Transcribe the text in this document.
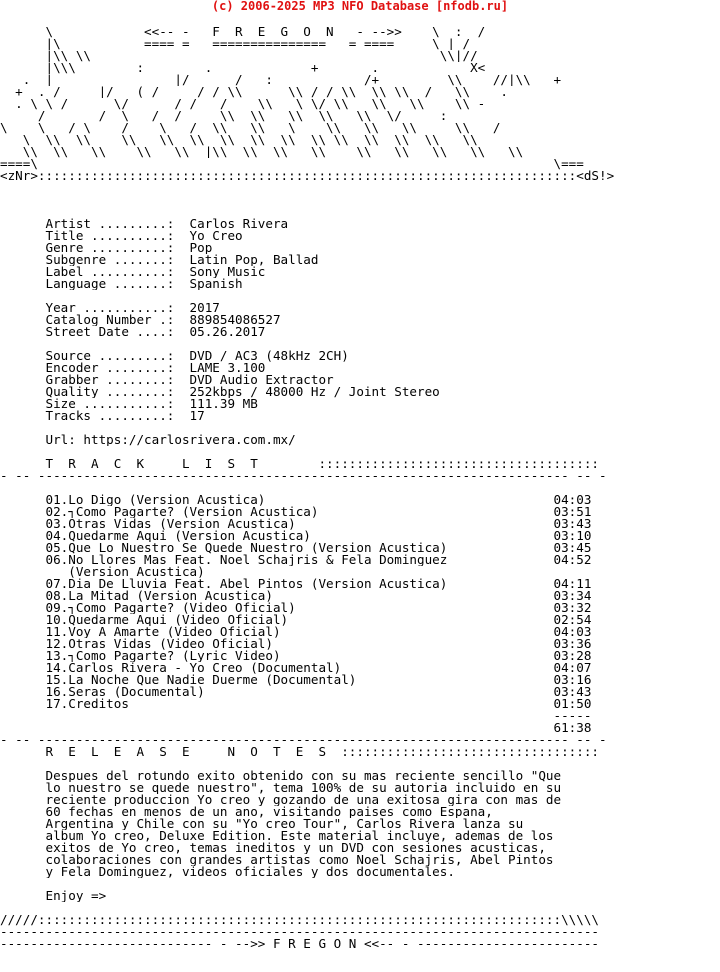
(c) 2006-2025 MP3 NFO Database [nfodb.ru]

\            <<-- -   F  R  E  G  O  N   - -->>    \  :  /
|\  _        ==== =   ===============   = ====     \ | /_
|\\ \\                                              \\|//
_  |\\\________:________._____________+_______.____________X<
_ .  |____   _    _   |/      /_  :  _         /+  _____  \\   _//|\\   +
+  ._/  ___|/ __( /  ___/ /_\\ ____ \\_/_/ \\  \\ \\  / __\\  _ .
. \ \_/  ____\/   ___/_/   /    \\  _\_\/_\\   \\  _\\ ___\\ -
____ /   ____/  \  _/  /   __\\  \\   \\ _\\   \\  \/  ___:____
\__  \___/_\____/____\___/__\\___\\___\____\\___\\___\\_____\\___/
___\  \\  \\    \\   \\  \\  \\  \\  \\  \\ \\  \\  \\  \\   \\  ________
\\__\\___\\____\\___\\__|\\__\\__\\___\\____\\___\\___\\___\\___\\____
====\____________________________________________________________________\===
<zNr>:::::::::::::::::::::::::::::::::::::::::::::::::::::::::::::::::::::::<dS!>

_______________________________________________________________________________

Artist .........:  Carlos Rivera
Title ..........:  Yo Creo
Genre ..........:  Pop
Subgenre .......:  Latin Pop, Ballad
Label ..........:  Sony Music
Language .......:  Spanish

Year ...........:  2017
Catalog Number .:  889854086527
Street Date ....:  05.26.2017

Source .........:  DVD / AC3 (48kHz 2CH)
Encoder ........:  LAME 3.100
Grabber ........:  DVD Audio Extractor
Quality ........:  252kbps / 48000 Hz / Joint Stereo
Size ...........:  111.39 MB
Tracks .........:  17

Url: https://carlosrivera.com.mx/

T  R  A  C  K     L  I  S  T        :::::::::::::::::::::::::::::::::::::
- -- ---------------------------------------------------------------------- -- -

01.Lo Digo (Version Acustica)                                      04:03
02.┐Como Pagarte? (Version Acustica)                               03:51
03.Otras Vidas (Version Acustica)                                  03:43
04.Quedarme Aqui (Version Acustica)                                03:10
05.Que Lo Nuestro Se Quede Nuestro (Version Acustica)              03:45
06.No Llores Mas Feat. Noel Schajris & Fela Dominguez              04:52
(Version Acustica)
07.Dia De Lluvia Feat. Abel Pintos (Version Acustica)              04:11
08.La Mitad (Version Acustica)                                     03:34
09.┐Como Pagarte? (Video Oficial)                                  03:32
10.Quedarme Aqui (Video Oficial)                                   02:54
11.Voy A Amarte (Video Oficial)                                    04:03
12.Otras Vidas (Video Oficial)                                     03:36
13.┐Como Pagarte? (Lyric Video)                                    03:28
14.Carlos Rivera - Yo Creo (Documental)                            04:07
15.La Noche Que Nadie Duerme (Documental)                          03:16
16.Seras (Documental)                                              03:43
17.Creditos                                                        01:50
-----
61:38
- -- ---------------------------------------------------------------------- -- -
R  E  L  E  A  S  E     N  O  T  E  S  ::::::::::::::::::::::::::::::::::

Despues del rotundo exito obtenido con su mas reciente sencillo "Que
lo nuestro se quede nuestro", tema 100% de su autoria incluido en su
reciente produccion Yo creo y gozando de una exitosa gira con mas de
60 fechas en menos de un ano, visitando paises como Espana,
Argentina y Chile con su "Yo creo Tour", Carlos Rivera lanza su
album Yo creo, Deluxe Edition. Este material incluye, ademas de los
exitos de Yo creo, temas ineditos y un DVD con sesiones acusticas,
colaboraciones con grandes artistas como Noel Schajris, Abel Pintos
y Fela Dominguez, videos oficiales y dos documentales.

Enjoy =>
______________________________________________________________________________
/////:::::::::::::::::::::::::::::::::::::::::::::::::::::::::::::::::::::\\\\\
-------------------------------------------------------------------------------
---------------------------- - -->> F R E G O N <<-- - ------------------------
